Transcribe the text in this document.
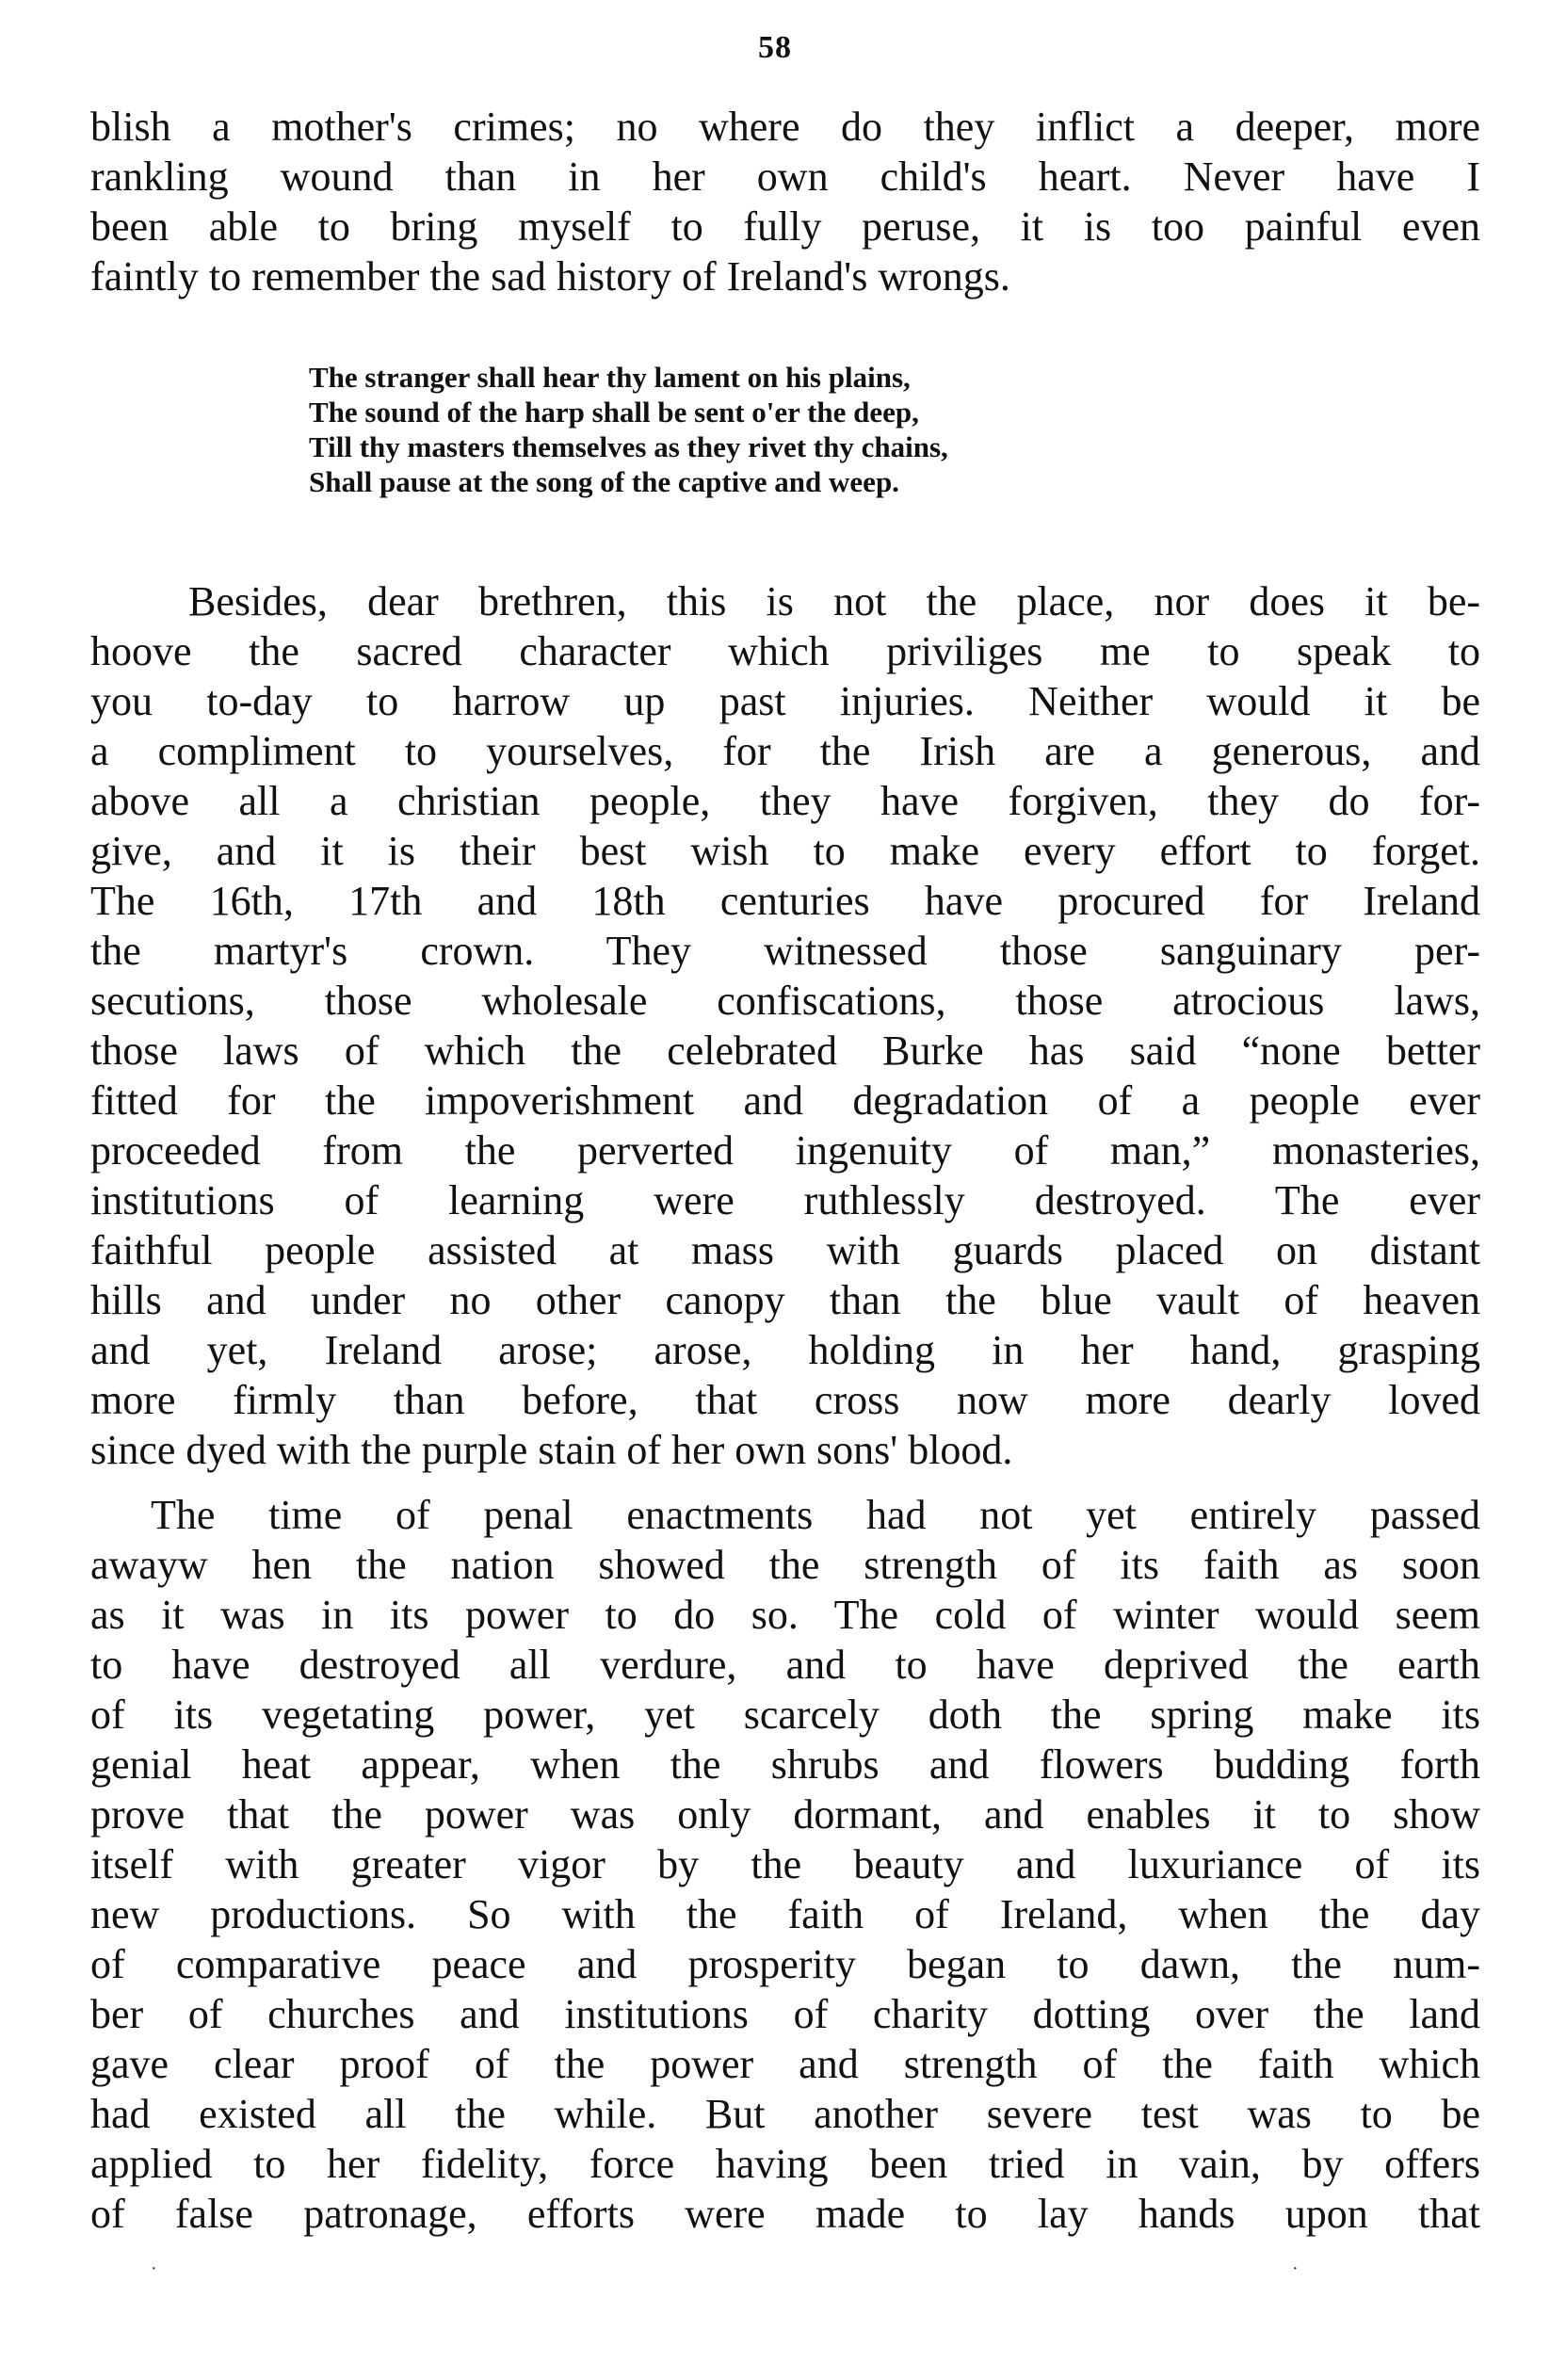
58
blish a mother's crimes; no where do they inflict a deeper, more
rankling wound than in her own child's heart. Never have I
been able to bring myself to fully peruse, it is too painful even
faintly to remember the sad history of Ireland's wrongs.
The stranger shall hear thy lament on his plains,
The sound of the harp shall be sent o'er the deep,
Till thy masters themselves as they rivet thy chains,
Shall pause at the song of the captive and weep.
Besides, dear brethren, this is not the place, nor does it be-
hoove the sacred character which priviliges me to speak to
you to-day to harrow up past injuries. Neither would it be
a compliment to yourselves, for the Irish are a generous, and
above all a christian people, they have forgiven, they do for-
give, and it is their best wish to make every effort to forget.
The 16th, 17th and 18th centuries have procured for Ireland
the martyr's crown. They witnessed those sanguinary per-
secutions, those wholesale confiscations, those atrocious laws,
those laws of which the celebrated Burke has said “none better
fitted for the impoverishment and degradation of a people ever
proceeded from the perverted ingenuity of man,” monasteries,
institutions of learning were ruthlessly destroyed. The ever
faithful people assisted at mass with guards placed on distant
hills and under no other canopy than the blue vault of heaven
and yet, Ireland arose; arose, holding in her hand, grasping
more firmly than before, that cross now more dearly loved
since dyed with the purple stain of her own sons' blood.
The time of penal enactments had not yet entirely passed
awayw hen the nation showed the strength of its faith as soon
as it was in its power to do so. The cold of winter would seem
to have destroyed all verdure, and to have deprived the earth
of its vegetating power, yet scarcely doth the spring make its
genial heat appear, when the shrubs and flowers budding forth
prove that the power was only dormant, and enables it to show
itself with greater vigor by the beauty and luxuriance of its
new productions. So with the faith of Ireland, when the day
of comparative peace and prosperity began to dawn, the num-
ber of churches and institutions of charity dotting over the land
gave clear proof of the power and strength of the faith which
had existed all the while. But another severe test was to be
applied to her fidelity, force having been tried in vain, by offers
of false patronage, efforts were made to lay hands upon that
·	·
